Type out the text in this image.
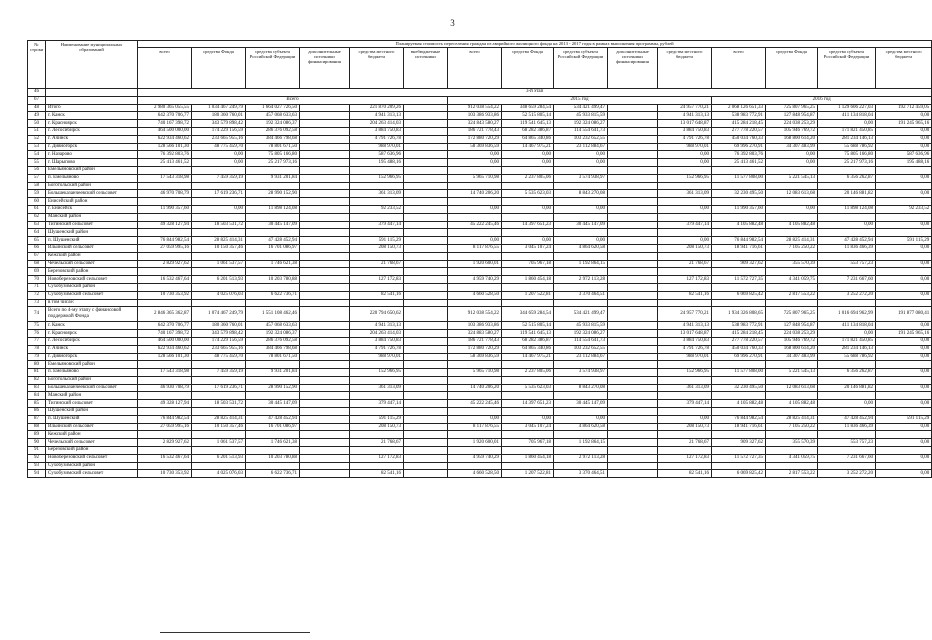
3
№ строки	Наименование муниципальных образований	Планируемая стоимость переселения граждан из аварийного жилищного фонда на 2013 - 2017 годы в рамках выполнения программы, рублей														
		всего	средства Фонда	средства субъекта Российской Федерации	дополнительные источники финансирования	средства местного бюджета	внебюджетные источники	всего	средства Фонда	средства субъекта Российской Федерации	дополнительные источники финансирования	средства местного бюджета	всего	средства Фонда	средства субъекта Российской Федерации	средства местного бюджета
46		3-й этап														
67		Всего						2015 год					2016 год			
48	Итого	2 980 365 055,55	1 034 467 249,79	1 664 027 726,50		221 870 209,26		912 038 554,22	348 659 284,54	534 421 499,47		24 957 770,21	2 068 126 651,33	725 807 965,25	1 129 606 227,03	192 712 459,05
49	г. Канск	642 370 706,77	180 360 760,01	457 068 633,63		4 941 313,13		103 386 933,86	52 515 805,14	45 933 815,59		4 941 313,13	538 983 772,91	127 848 954,87	411 134 818,04	0,00
50	г. Красноярск	740 167 398,72	343 579 898,42	192 324 086,37		204 263 414,03		324 843 580,27	119 541 645,13	192 324 086,27		13 017 648,87	415 284 218,45	224 038 253,29	0,00	191 245 965,16
51	г. Лесосибирск	464 500 000,00	174 229 156,59	286 376 092,58		3 884 750,83		186 721 778,43	68 282 386,87	114 554 641,73		3 884 750,83	277 778 220,57	105 946 769,72	171 821 450,85	0,00
52	г. Ачинск	622 934 460,62	233 665 955,16	384 466 798,68		4 791 726,78		172 880 720,29	64 865 340,86	103 232 652,55		4 791 726,78	450 034 760,33	168 800 614,20	281 234 146,13	0,00
53	г. Дивногорск	128 566 101,30	48 775 459,70	78 801 671,50		988 970,01		58 369 836,59	14 467 975,21	23 112 884,67		988 970,01	69 996 270,91	34 307 483,99	55 688 786,92	0,00
54	г. Назарово	76 392 803,76	0,00	75 805 166,80		587 636,96		0,00	0,00	0,00		0,00	76 392 803,76	0,00	75 805 166,80	587 636,96
55	г. Шарыпово	25 413 461,52	0,00	25 217 973,16		195 488,16		0,00	0,00	0,00		0,00	25 413 461,52	0,00	25 217 973,16	195 488,16
56	Емельяновский район															
57	п. Емельяново	17 543 318,98	7 459 359,19	9 931 201,84		152 966,95		5 965 710,98	2 237 805,06	3 574 938,97		152 966,95	11 577 808,00	5 221 545,13	6 356 262,87	0,00
58	Боготольский район															
59	Большеказанчеевский сельсовет	46 970 708,79	17 619 236,71	28 990 152,90		361 313,09		14 740 206,20	5 535 623,03	8 843 270,08		361 313,09	32 230 495,50	12 083 613,68	20 146 881,82	0,00
60	Енисейский район															
61	г. Енисейск	11 990 357,60	0,00	11 898 124,08		92 233,52		0,00	0,00	0,00		0,00	11 990 357,60	0,00	11 898 124,08	92 233,52
62	Манский район															
63	Тигинский сельсовет	49 328 127,94	18 503 531,72	30 445 147,09		379 447,14		45 222 245,46	14 397 651,23	30 445 147,09		379 447,14	4 105 882,48	4 105 882,48	0,00	0,00
64	Шушенский район															
65	п. Шушенский	76 844 982,54	28 825 414,31	47 428 452,94		591 115,29		0,00	0,00	0,00		0,00	76 844 982,54	28 825 414,31	47 428 452,94	591 115,29
66	Ильинский сельсовет	27 059 995,16	10 150 357,46	16 701 086,97		208 150,73		8 117 876,55	3 045 107,24	4 864 620,58		208 150,73	18 941 716,61	7 105 250,22	11 836 466,39	0,00
67	Кежский район															
68	Чечельский сельсовет	2 829 927,62	1 061 537,57	1 746 621,38		21 768,67		1 920 600,01	705 967,18	1 192 864,15		21 768,67	909 327,62	355 570,39	553 757,23	0,00
69	Березовский район															
70	Новоберезовский сельсовет	16 532 467,64	6 201 513,93	10 203 780,88		127 172,83		4 959 740,29	1 860 454,18	2 972 113,28		127 172,83	11 572 727,35	4 341 059,75	7 231 667,60	0,00
71	Сухобузимский район															
72	Сухобузимский сельсовет	10 730 353,92	4 025 076,03	6 622 736,71		82 541,16		4 660 528,50	1 207 522,81	3 370 464,51		82 541,16	6 069 825,42	2 817 553,22	3 252 272,20	0,00
73	в том числе:															
74	Всего по 4-му этапу с финансовой поддержкой Фонда	2 846 365 362,87	1 074 467 249,79	1 551 108 462,46		220 794 650,62		912 038 554,22	344 659 284,54	534 421 499,47		24 957 770,21	1 934 326 808,65	725 807 965,25	1 016 694 962,99	191 877 080,41
75	г. Канск	642 370 706,77	180 360 760,01	457 068 633,63		4 941 313,13		103 386 933,86	52 515 805,14	45 933 815,59		4 941 313,13	538 983 772,91	127 848 954,87	411 134 818,04	0,00
76	г. Красноярск	740 167 398,72	343 579 898,42	192 324 086,37		204 263 414,03		324 883 580,27	119 541 645,13	192 324 086,27		13 017 648,87	415 284 218,45	224 038 253,29	0,00	191 245 965,16
77	г. Лесосибирск	464 500 000,00	174 229 156,59	286 376 092,58		3 884 750,83		186 721 778,43	68 282 386,87	114 554 641,73		3 884 750,83	277 778 220,57	105 946 769,72	171 821 450,85	0,00
78	г. Ачинск	622 934 460,62	233 665 955,16	384 466 798,68		4 791 726,78		172 880 720,29	64 865 340,86	103 232 652,55		4 791 726,78	450 034 760,33	168 800 614,20	281 234 146,13	0,00
79	г. Дивногорск	128 566 101,30	48 775 459,70	78 801 671,50		988 970,01		58 369 836,59	14 467 975,21	23 112 884,67		988 970,01	69 996 270,91	34 307 483,99	55 688 786,92	0,00
80	Емельяновский район															
81	п. Емельяново	17 543 318,98	7 459 359,19	9 931 201,84		152 966,95		5 965 710,98	2 237 805,06	3 574 938,97		152 966,95	11 577 808,00	5 221 545,13	6 356 262,87	0,00
82	Боготольский район															
83	Большеказанчеевский сельсовет	46 930 708,79	17 619 236,71	28 990 152,90		361 313,09		14 740 206,20	5 535 623,03	8 843 270,08		361 313,09	32 230 495,50	12 083 613,68	20 146 881,82	0,00
84	Манский район															
85	Тигинский сельсовет	49 328 127,94	18 503 531,72	30 445 147,09		379 447,14		45 222 245,46	14 397 651,23	30 445 147,09		379 447,14	4 105 882,48	4 105 882,48	0,00	0,00
86	Шушенский район															
87	п. Шушенский	76 844 982,54	28 825 414,31	47 428 452,94		591 115,29		0,00	0,00	0,00		0,00	76 844 982,54	28 825 414,31	47 428 452,94	591 115,29
88	Ильинский сельсовет	27 059 995,16	10 150 357,46	16 701 086,97		208 150,73		8 117 876,55	3 045 107,24	4 864 620,58		208 150,73	18 941 716,61	7 105 250,22	11 836 466,39	0,00
89	Кежский район															
90	Чечельский сельсовет	2 829 927,62	1 061 537,57	1 746 621,38		21 768,67		1 920 600,01	705 967,18	1 192 864,15		21 768,67	909 327,62	355 570,39	553 757,23	0,00
91	Березовский район															
92	Новоберезовский сельсовет	16 532 467,64	6 201 513,93	10 203 780,88		127 172,83		4 959 740,29	1 860 454,18	2 972 113,28		127 172,83	11 572 727,35	4 341 059,75	7 231 667,60	0,00
93	Сухобузимский район															
94	Сухобузимский сельсовет	10 730 353,92	4 025 076,03	6 622 736,71		82 541,16		4 660 528,50	1 207 522,81	3 370 464,51		82 541,16	6 069 825,42	2 817 553,22	3 252 272,20	0,00
